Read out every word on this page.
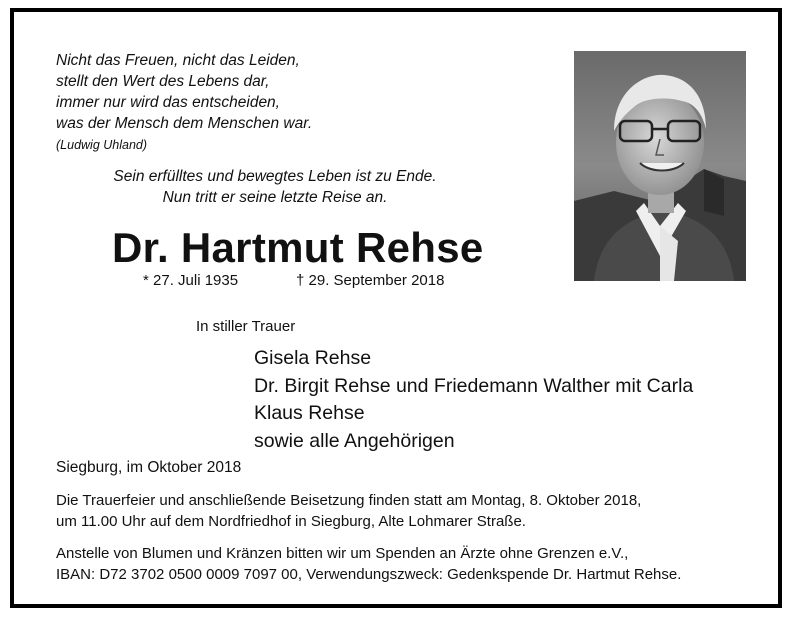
Nicht das Freuen, nicht das Leiden,
stellt den Wert des Lebens dar,
immer nur wird das entscheiden,
was der Mensch dem Menschen war.
(Ludwig Uhland)
Sein erfülltes und bewegtes Leben ist zu Ende.
Nun tritt er seine letzte Reise an.
Dr. Hartmut Rehse
* 27. Juli 1935	† 29. September 2018
In stiller Trauer
Gisela Rehse
Dr. Birgit Rehse und Friedemann Walther mit Carla
Klaus Rehse
sowie alle Angehörigen
Siegburg, im Oktober 2018
Die Trauerfeier und anschließende Beisetzung finden statt am Montag, 8. Oktober 2018,
um 11.00 Uhr auf dem Nordfriedhof in Siegburg, Alte Lohmarer Straße.
Anstelle von Blumen und Kränzen bitten wir um Spenden an Ärzte ohne Grenzen e.V.,
IBAN: D72 3702 0500 0009 7097 00, Verwendungszweck: Gedenkspende Dr. Hartmut Rehse.
